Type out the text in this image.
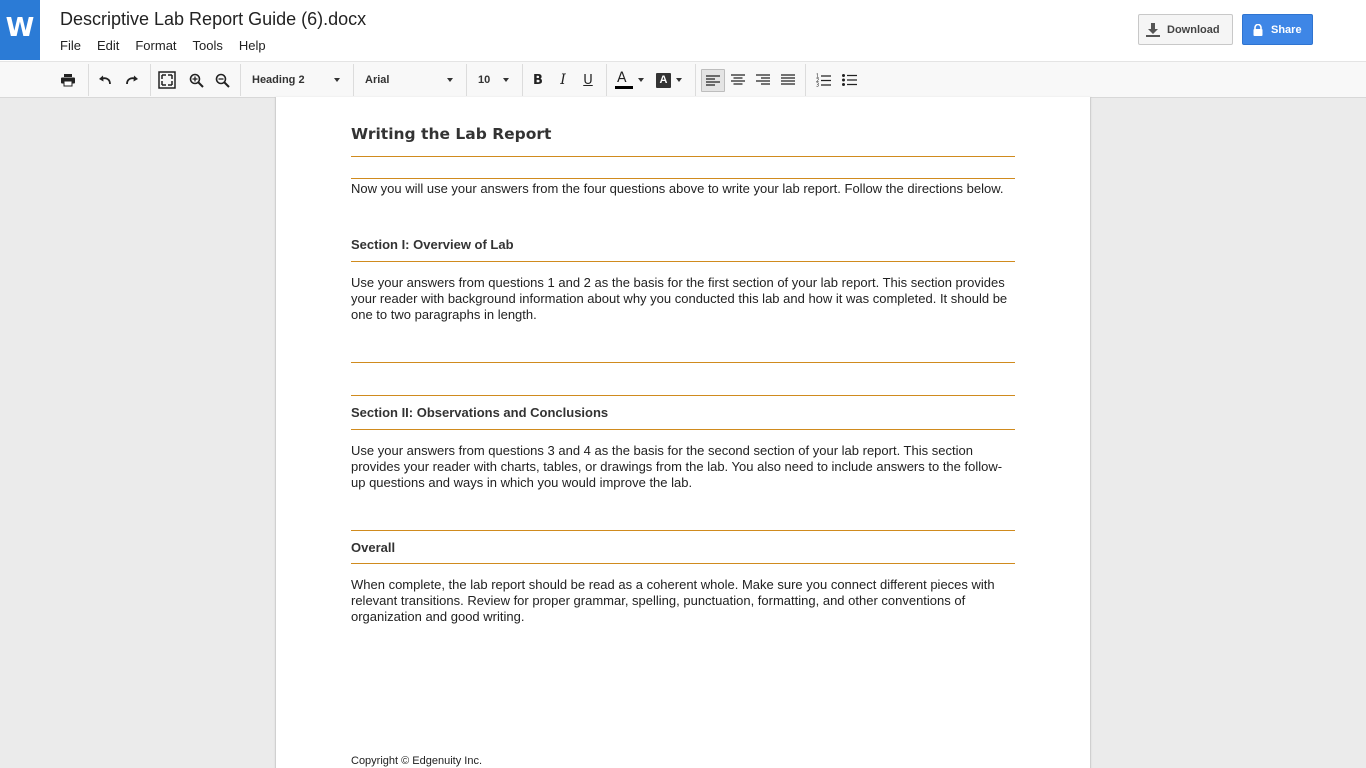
W	Descriptive Lab Report Guide (6).docx
File	Edit	Format	Tools	Help
Download	Share
Heading 2	Arial	10	B	I	U	A	A	1
2
3
Writing the Lab Report
Now you will use your answers from the four questions above to write your lab report. Follow the directions below.
Section I: Overview of Lab
Use your answers from questions 1 and 2 as the basis for the first section of your lab report. This section provides
your reader with background information about why you conducted this lab and how it was completed. It should be
one to two paragraphs in length.
Section II: Observations and Conclusions
Use your answers from questions 3 and 4 as the basis for the second section of your lab report. This section
provides your reader with charts, tables, or drawings from the lab. You also need to include answers to the follow-
up questions and ways in which you would improve the lab.
Overall
When complete, the lab report should be read as a coherent whole. Make sure you connect different pieces with
relevant transitions. Review for proper grammar, spelling, punctuation, formatting, and other conventions of
organization and good writing.
Copyright © Edgenuity Inc.
